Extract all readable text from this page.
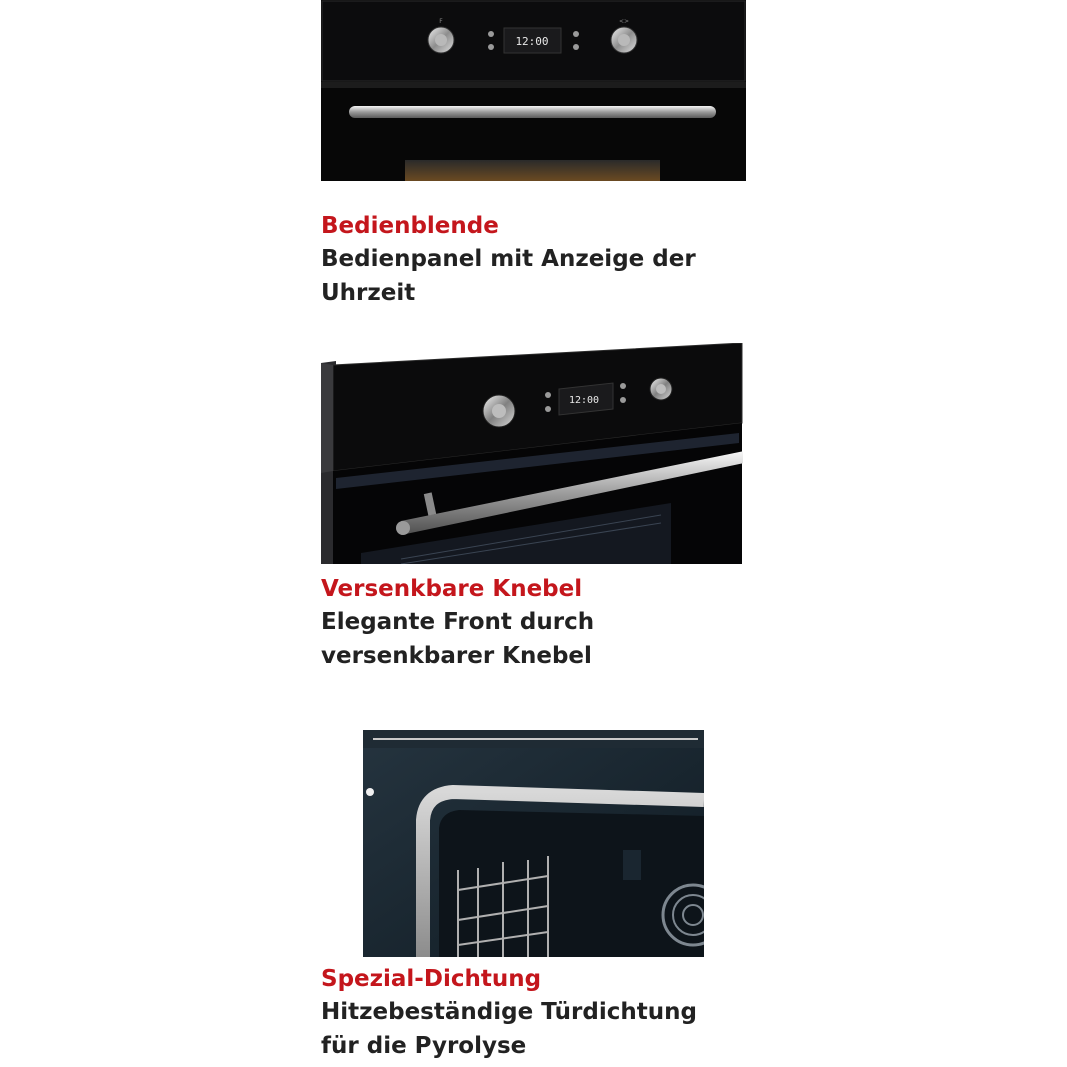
F	<>
12:00
Bedienblende
Bedienpanel mit Anzeige der
Uhrzeit
12:00
Versenkbare Knebel
Elegante Front durch
versenkbarer Knebel
Spezial-Dichtung
Hitzebeständige Türdichtung
für die Pyrolyse
